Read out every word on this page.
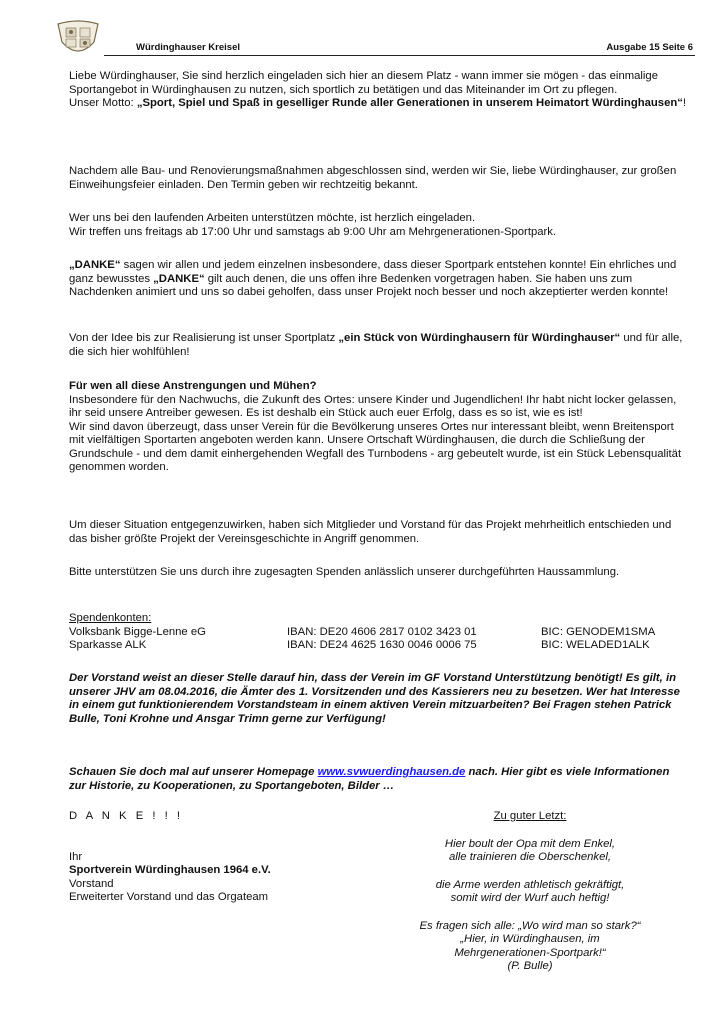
Würdinghauser Kreisel	Ausgabe 15 Seite 6

Liebe Würdinghauser, Sie sind herzlich eingeladen sich hier an diesem Platz - wann immer sie mögen - das einmalige Sportangebot in Würdinghausen zu nutzen, sich sportlich zu betätigen und das Miteinander im Ort zu pflegen.

Unser Motto: „Sport, Spiel und Spaß in geselliger Runde aller Generationen in unserem Heimatort Würdinghausen“!

Nachdem alle Bau- und Renovierungsmaßnahmen abgeschlossen sind, werden wir Sie, liebe Würdinghauser, zur großen Einweihungsfeier einladen. Den Termin geben wir rechtzeitig bekannt.

Wer uns bei den laufenden Arbeiten unterstützen möchte, ist herzlich eingeladen.

Wir treffen uns freitags ab 17:00 Uhr und samstags ab 9:00 Uhr am Mehrgenerationen-Sportpark.

„DANKE“ sagen wir allen und jedem einzelnen insbesondere, dass dieser Sportpark entstehen konnte! Ein ehrliches und ganz bewusstes „DANKE“ gilt auch denen, die uns offen ihre Bedenken vorgetragen haben. Sie haben uns zum Nachdenken animiert und uns so dabei geholfen, dass unser Projekt noch besser und noch akzeptierter werden konnte!
Von der Idee bis zur Realisierung ist unser Sportplatz „ein Stück von Würdinghausern für Würdinghauser“ und für alle, die sich hier wohlfühlen!

Für wen all diese Anstrengungen und Mühen?

Insbesondere für den Nachwuchs, die Zukunft des Ortes: unsere Kinder und Jugendlichen! Ihr habt nicht locker gelassen, ihr seid unsere Antreiber gewesen. Es ist deshalb ein Stück auch euer Erfolg, dass es so ist, wie es ist!

Wir sind davon überzeugt, dass unser Verein für die Bevölkerung unseres Ortes nur interessant bleibt, wenn Breitensport mit vielfältigen Sportarten angeboten werden kann. Unsere Ortschaft Würdinghausen, die durch die Schließung der Grundschule - und dem damit einhergehenden Wegfall des Turnbodens - arg gebeutelt wurde, ist ein Stück Lebensqualität genommen worden.

Um dieser Situation entgegenzuwirken, haben sich Mitglieder und Vorstand für das Projekt mehrheitlich entschieden und das bisher größte Projekt der Vereinsgeschichte in Angriff genommen.
Bitte unterstützen Sie uns durch ihre zugesagten Spenden anlässlich unserer durchgeführten Haussammlung.
Spendenkonten:
Volksbank Bigge-Lenne eG	IBAN: DE20 4606 2817 0102 3423 01	BIC: GENODEM1SMA
Sparkasse ALK	IBAN: DE24 4625 1630 0046 0006 75	BIC: WELADED1ALK
Der Vorstand weist an dieser Stelle darauf hin, dass der Verein im GF Vorstand Unterstützung benötigt! Es gilt, in unserer JHV am 08.04.2016, die Ämter des 1. Vorsitzenden und des Kassierers neu zu besetzen. Wer hat Interesse in einem gut funktionierendem Vorstandsteam in einem aktiven Verein mitzuarbeiten? Bei Fragen stehen Patrick Bulle, Toni Krohne und Ansgar Trimn gerne zur Verfügung!
Schauen Sie doch mal auf unserer Homepage www.svwuerdinghausen.de nach. Hier gibt es viele Informationen zur Historie, zu Kooperationen, zu Sportangeboten, Bilder …
D A N K E ! ! !
Ihr
Sportverein Würdinghausen 1964 e.V.
Vorstand
Erweiterter Vorstand und das Orgateam
Zu guter Letzt:
Hier boult der Opa mit dem Enkel,
alle trainieren die Oberschenkel,
die Arme werden athletisch gekräftigt,
somit wird der Wurf auch heftig!
Es fragen sich alle: „Wo wird man so stark?“
„Hier, in Würdinghausen, im
Mehrgenerationen-Sportpark!“
(P. Bulle)
